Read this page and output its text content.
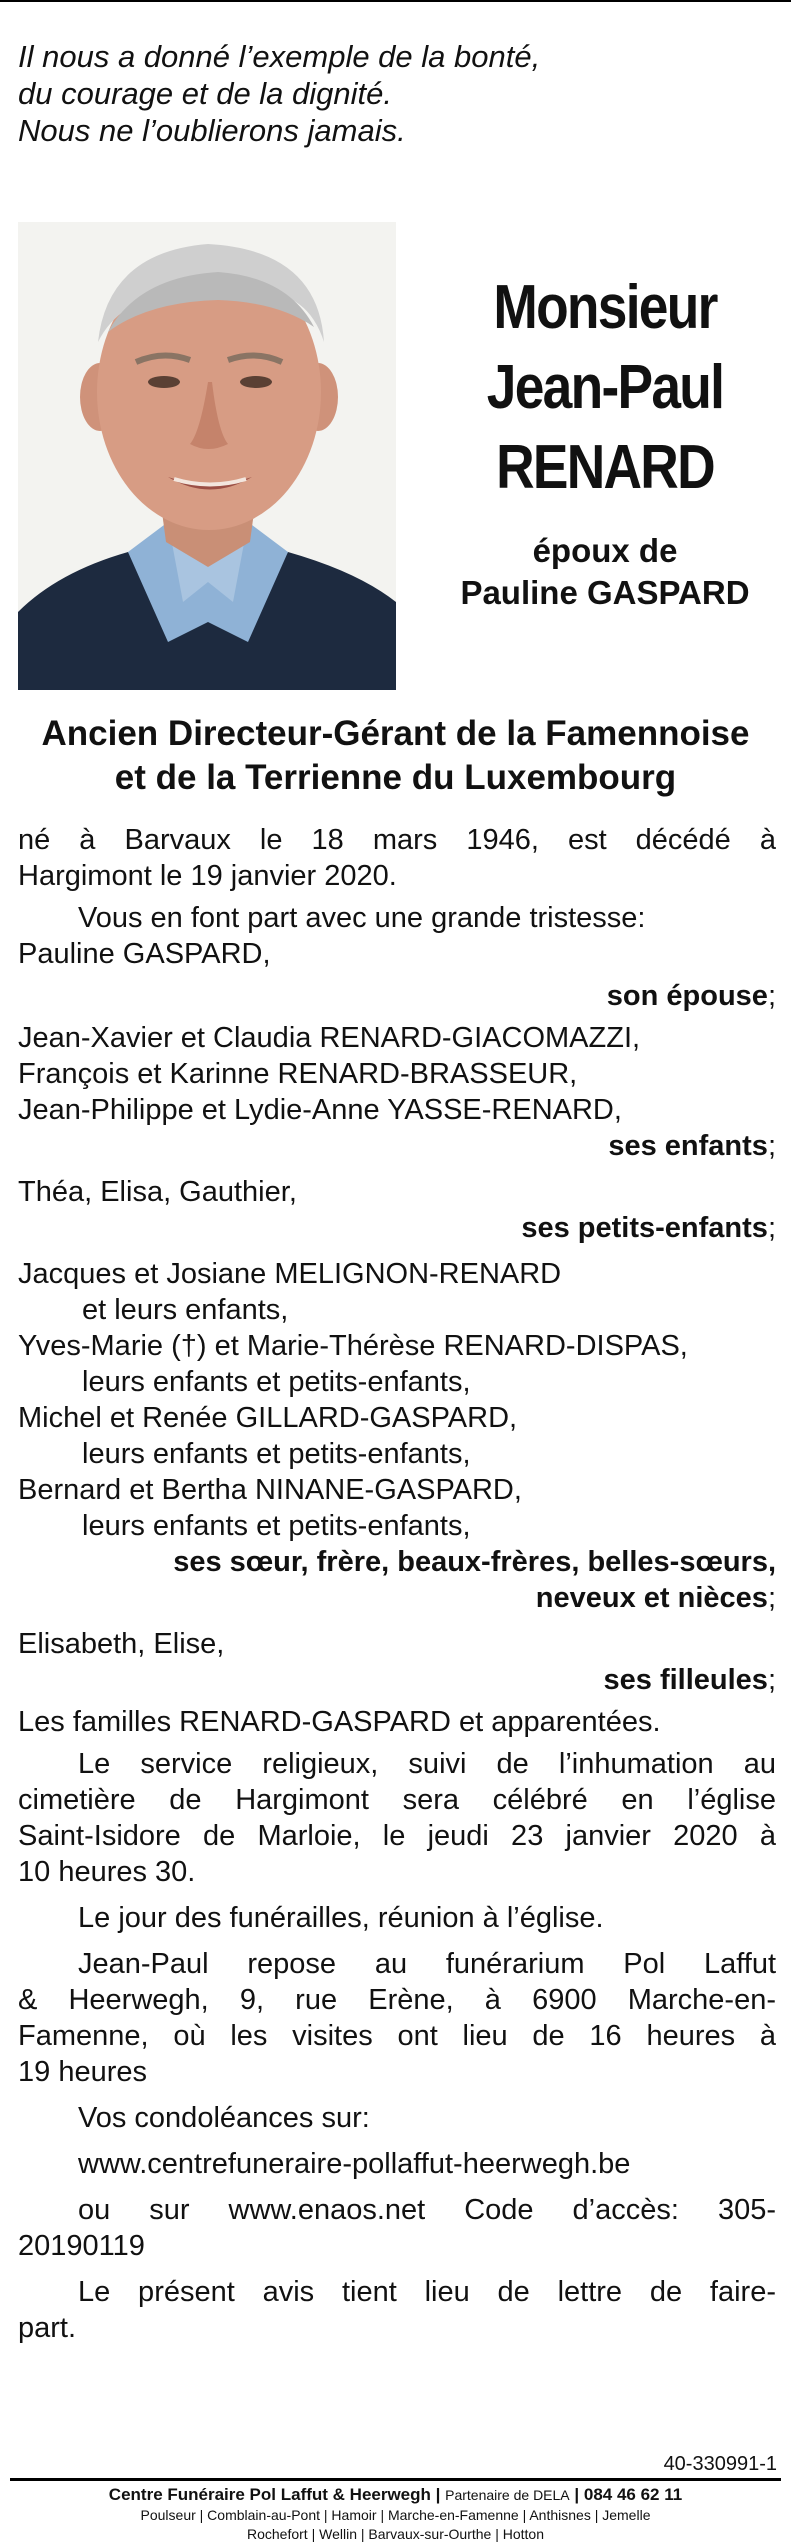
Il nous a donné l’exemple de la bonté,
du courage et de la dignité.
Nous ne l’oublierons jamais.
Monsieur
Jean-Paul
RENARD
époux de
Pauline GASPARD
Ancien Directeur-Gérant de la Famennoise
et de la Terrienne du Luxembourg
né à Barvaux le 18 mars 1946, est décédé à
Hargimont le 19 janvier 2020.
Vous en font part avec une grande tristesse:
Pauline GASPARD,
son épouse;
Jean-Xavier et Claudia RENARD-GIACOMAZZI,
François et Karinne RENARD-BRASSEUR,
Jean-Philippe et Lydie-Anne YASSE-RENARD,
ses enfants;
Théa, Elisa, Gauthier,
ses petits-enfants;
Jacques et Josiane MELIGNON-RENARD
et leurs enfants,
Yves-Marie (†) et Marie-Thérèse RENARD-DISPAS,
leurs enfants et petits-enfants,
Michel et Renée GILLARD-GASPARD,
leurs enfants et petits-enfants,
Bernard et Bertha NINANE-GASPARD,
leurs enfants et petits-enfants,
ses sœur, frère, beaux-frères, belles-sœurs,
neveux et nièces;
Elisabeth, Elise,
ses filleules;
Les familles RENARD-GASPARD et apparentées.
Le service religieux, suivi de l’inhumation au
cimetière de Hargimont sera célébré en l’église
Saint-Isidore de Marloie, le jeudi 23 janvier 2020 à
10 heures 30.
Le jour des funérailles, réunion à l’église.
Jean-Paul repose au funérarium Pol Laffut
& Heerwegh, 9, rue Erène, à 6900 Marche-en-
Famenne, où les visites ont lieu de 16 heures à
19 heures
Vos condoléances sur:
www.centrefuneraire-pollaffut-heerwegh.be
ou sur www.enaos.net Code d’accès: 305-
20190119
Le présent avis tient lieu de lettre de faire-
part.
40-330991-1
Centre Funéraire Pol Laffut & Heerwegh | Partenaire de DELA | 084 46 62 11
Poulseur | Comblain-au-Pont | Hamoir | Marche-en-Famenne | Anthisnes | Jemelle
Rochefort | Wellin | Barvaux-sur-Ourthe | Hotton
